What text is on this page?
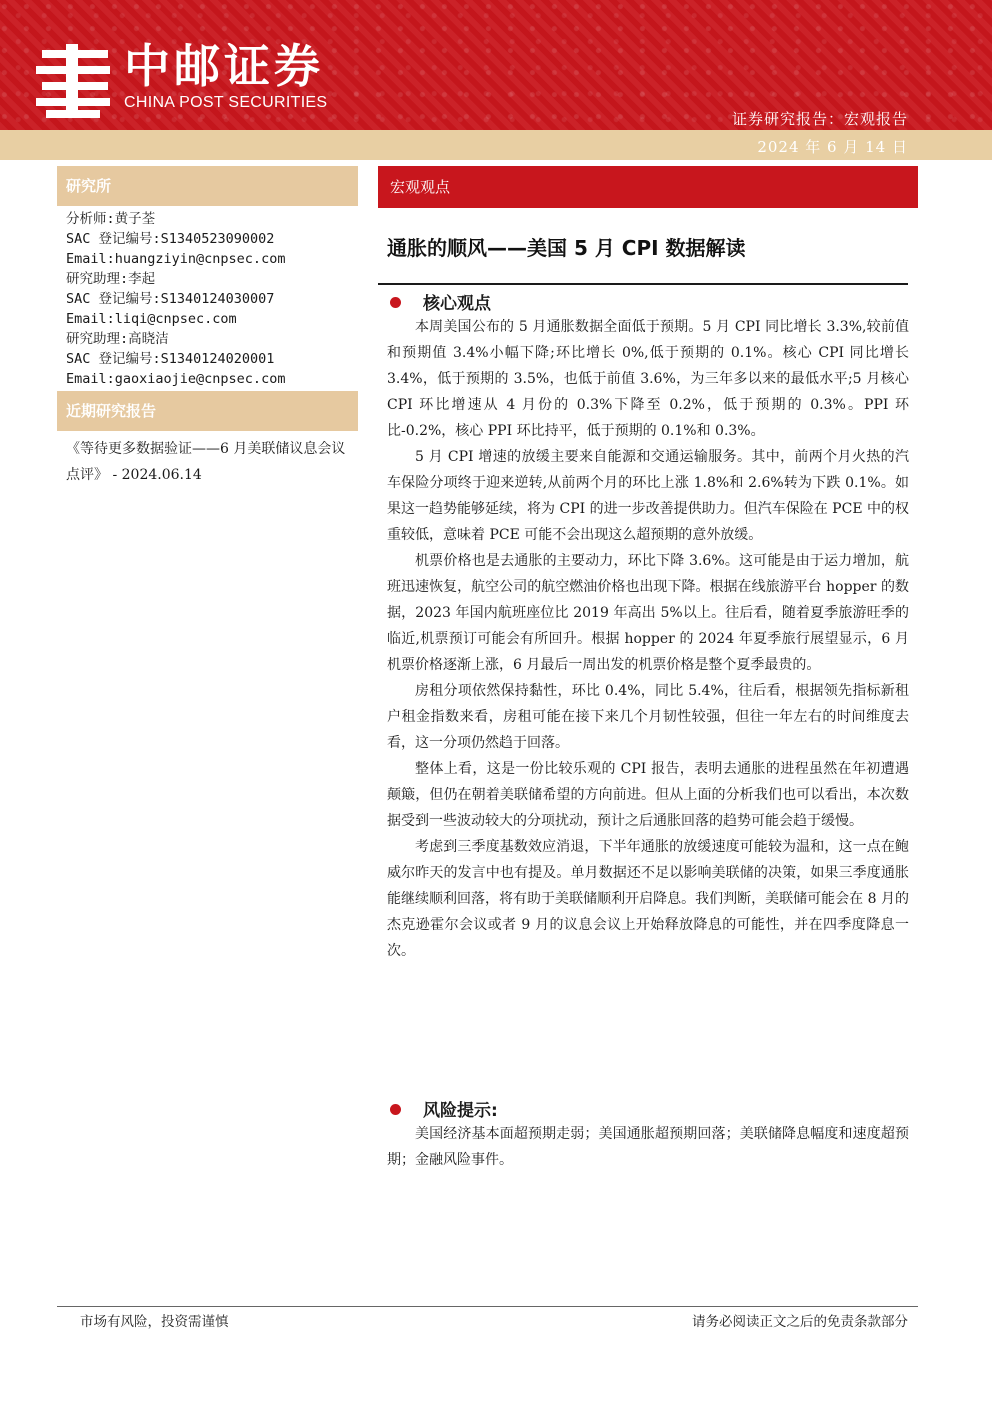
中邮证券
CHINA POST SECURITIES
证券研究报告：宏观报告
2024 年 6 月 14 日
研究所
分析师:黄子荃
SAC 登记编号:S1340523090002
Email:huangziyin@cnpsec.com
研究助理:李起
SAC 登记编号:S1340124030007
Email:liqi@cnpsec.com
研究助理:高晓洁
SAC 登记编号:S1340124020001
Email:gaoxiaojie@cnpsec.com
近期研究报告
《等待更多数据验证——6 月美联储议息会议点评》 - 2024.06.14
宏观观点
通胀的顺风——美国 5 月 CPI 数据解读
核心观点

本周美国公布的 5 月通胀数据全面低于预期。5 月 CPI 同比增长 3.3%,较前值和预期值 3.4%小幅下降;环比增长 0%,低于预期的 0.1%。核心 CPI 同比增长 3.4%，低于预期的 3.5%，也低于前值 3.6%，为三年多以来的最低水平;5 月核心 CPI 环比增速从 4 月份的 0.3%下降至 0.2%，低于预期的 0.3%。PPI 环比-0.2%，核心 PPI 环比持平，低于预期的 0.1%和 0.3%。

5 月 CPI 增速的放缓主要来自能源和交通运输服务。其中，前两个月火热的汽车保险分项终于迎来逆转,从前两个月的环比上涨 1.8%和 2.6%转为下跌 0.1%。如果这一趋势能够延续，将为 CPI 的进一步改善提供助力。但汽车保险在 PCE 中的权重较低，意味着 PCE 可能不会出现这么超预期的意外放缓。

机票价格也是去通胀的主要动力，环比下降 3.6%。这可能是由于运力增加，航班迅速恢复，航空公司的航空燃油价格也出现下降。根据在线旅游平台 hopper 的数据，2023 年国内航班座位比 2019 年高出 5%以上。往后看，随着夏季旅游旺季的临近,机票预订可能会有所回升。根据 hopper 的 2024 年夏季旅行展望显示，6 月机票价格逐渐上涨，6 月最后一周出发的机票价格是整个夏季最贵的。

房租分项依然保持黏性，环比 0.4%，同比 5.4%，往后看，根据领先指标新租户租金指数来看，房租可能在接下来几个月韧性较强，但往一年左右的时间维度去看，这一分项仍然趋于回落。

整体上看，这是一份比较乐观的 CPI 报告，表明去通胀的进程虽然在年初遭遇颠簸，但仍在朝着美联储希望的方向前进。但从上面的分析我们也可以看出，本次数据受到一些波动较大的分项扰动，预计之后通胀回落的趋势可能会趋于缓慢。

考虑到三季度基数效应消退，下半年通胀的放缓速度可能较为温和，这一点在鲍威尔昨天的发言中也有提及。单月数据还不足以影响美联储的决策，如果三季度通胀能继续顺利回落，将有助于美联储顺利开启降息。我们判断，美联储可能会在 8 月的杰克逊霍尔会议或者 9 月的议息会议上开始释放降息的可能性，并在四季度降息一次。

风险提示:

美国经济基本面超预期走弱；美国通胀超预期回落；美联储降息幅度和速度超预期；金融风险事件。

市场有风险，投资需谨慎	请务必阅读正文之后的免责条款部分
